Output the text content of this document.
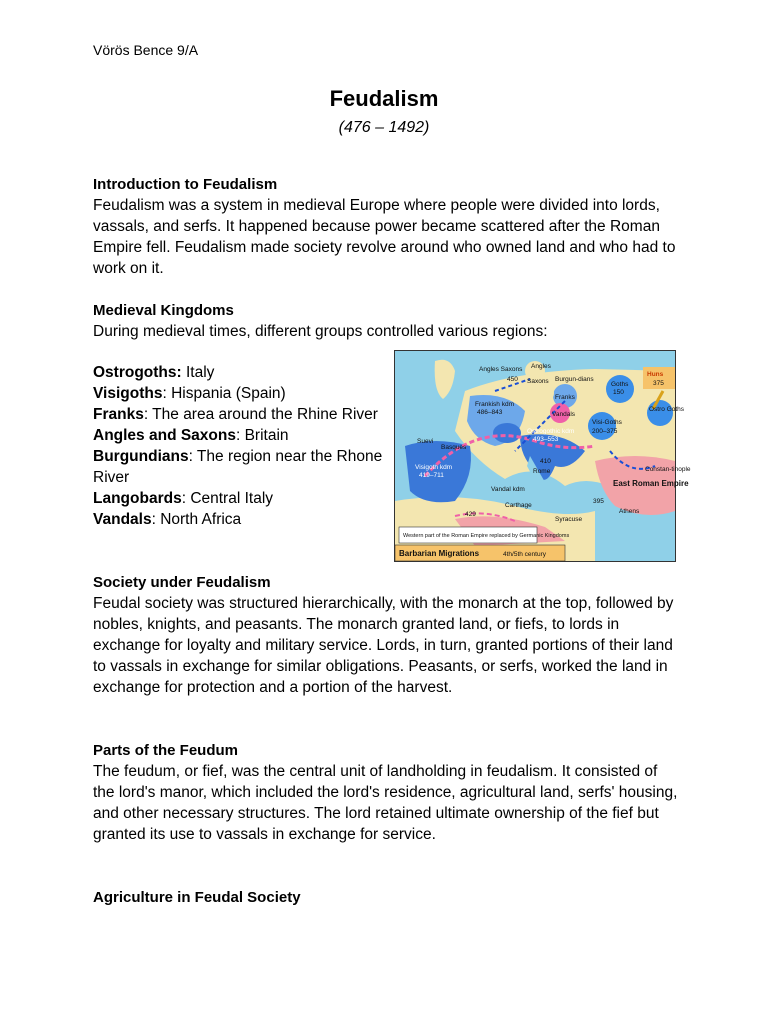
Vörös Bence 9/A
Feudalism
(476 – 1492)
Introduction to Feudalism

Feudalism was a system in medieval Europe where people were divided into lords, vassals, and serfs. It happened because power became scattered after the Roman Empire fell. Feudalism made society revolve around who owned land and who had to work on it.

Medieval Kingdoms

During medieval times, different groups controlled various regions:

Ostrogoths: Italy
Visigoths: Hispania (Spain)
Franks: The area around the Rhine River
Angles and Saxons: Britain
Burgundians: The region near the Rhone River
Langobards: Central Italy
Vandals: North Africa
Huns
375
Angles
Angles Saxons
Saxons
Franks
Frankish kdm
486–843
Burgun-dians
Vandals
Goths
150
Ostro Goths
Visi-Goths
200–375
Suevi
Basques
Visigoth kdm
419–711
Ostrogothic kdm
493–553
Rome
410
Vandal kdm
Carthage
Syracuse
Athens
Constan-tinople
East Roman Empire
429
395
450
Western part of the Roman Empire replaced by Germanic Kingdoms
Barbarian Migrations	4th/5th century
Society under Feudalism

Feudal society was structured hierarchically, with the monarch at the top, followed by nobles, knights, and peasants. The monarch granted land, or fiefs, to lords in exchange for loyalty and military service. Lords, in turn, granted portions of their land to vassals in exchange for similar obligations. Peasants, or serfs, worked the land in exchange for protection and a portion of the harvest.

Parts of the Feudum

The feudum, or fief, was the central unit of landholding in feudalism. It consisted of the lord's manor, which included the lord's residence, agricultural land, serfs' housing, and other necessary structures. The lord retained ultimate ownership of the fief but granted its use to vassals in exchange for service.

Agriculture in Feudal Society
